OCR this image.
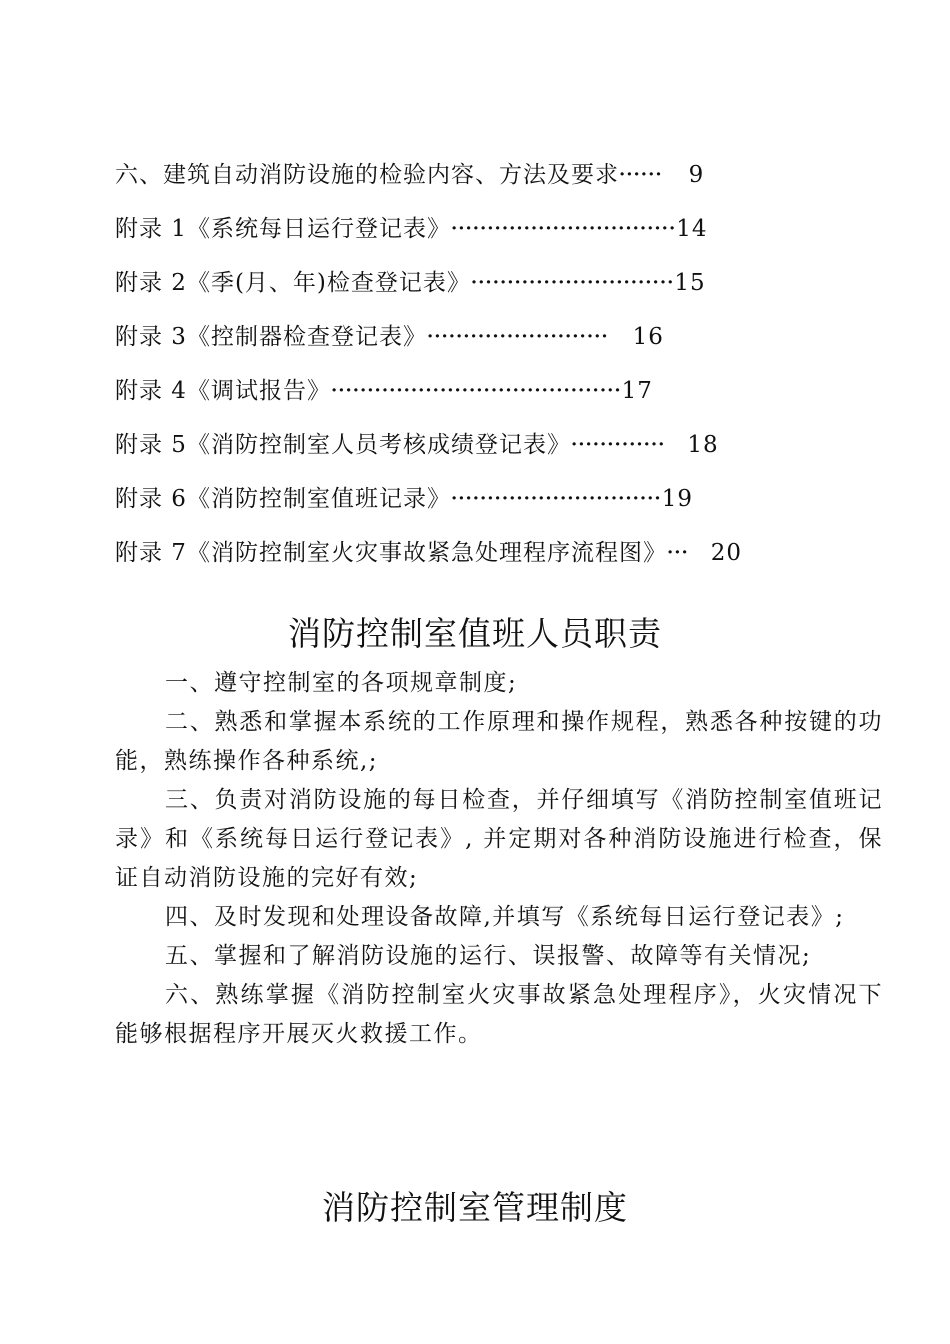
六、建筑自动消防设施的检验内容、方法及要求 ······ 9
附录 1《系统每日运行登记表》 ······························· 14
附录 2《季(月、年)检查登记表》 ···························· 15
附录 3《控制器检查登记表》 ························· 16
附录 4《调试报告》 ········································ 17
附录 5《消防控制室人员考核成绩登记表》 ············· 18
附录 6《消防控制室值班记录》 ····························· 19
附录 7《消防控制室火灾事故紧急处理程序流程图》 ··· 20
消防控制室值班人员职责

一、遵守控制室的各项规章制度;

二、熟悉和掌握本系统的工作原理和操作规程，熟悉各种按键的功能，熟练操作各种系统,;

三、负责对消防设施的每日检查，并仔细填写《消防控制室值班记录》和《系统每日运行登记表》, 并定期对各种消防设施进行检查，保证自动消防设施的完好有效;

四、及时发现和处理设备故障,并填写《系统每日运行登记表》;

五、掌握和了解消防设施的运行、误报警、故障等有关情况;

六、熟练掌握《消防控制室火灾事故紧急处理程序》，火灾情况下能够根据程序开展灭火救援工作。

消防控制室管理制度
